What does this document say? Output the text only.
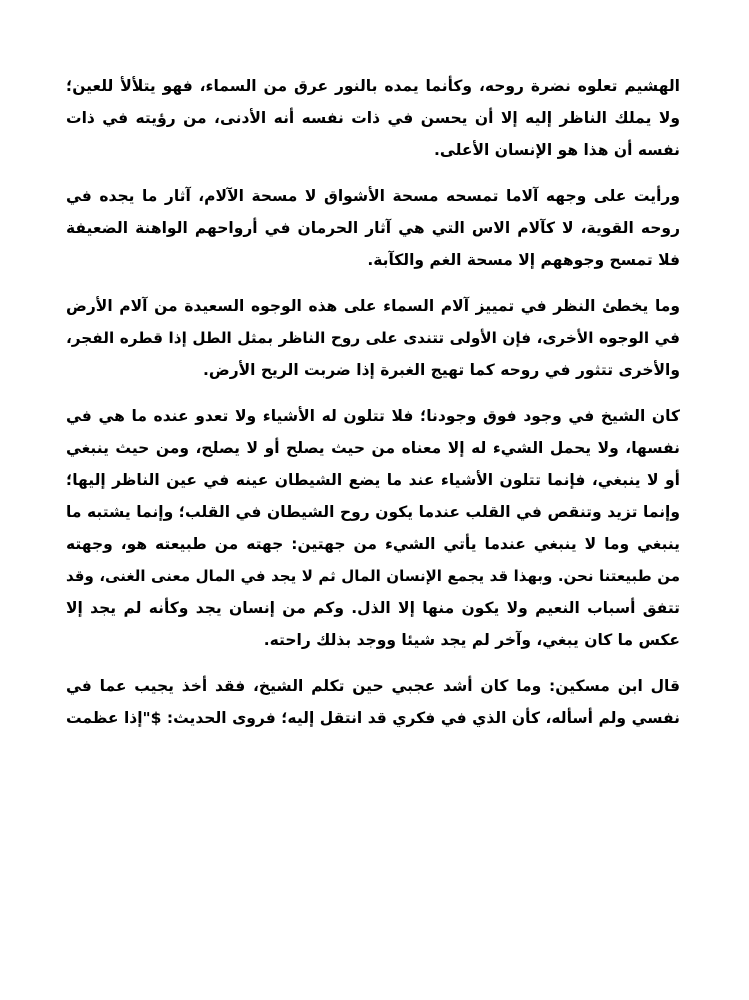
الهشيم تعلوه نضرة روحه، وكأنما يمده بالنور عرق من السماء، فهو يتلألأ للعين؛
ولا يملك الناظر إليه إلا أن يحسن في ذات نفسه أنه الأدنى، من رؤيته في ذات
نفسه أن هذا هو الإنسان الأعلى.

ورأيت على وجهه آلاما تمسحه مسحة الأشواق لا مسحة الآلام، آثار ما يجده في
روحه القوية، لا كآلام الاس التي هي آثار الحرمان في أرواحهم الواهنة الضعيفة
فلا تمسح وجوههم إلا مسحة الغم والكآبة.

وما يخطئ النظر في تمييز آلام السماء على هذه الوجوه السعيدة من آلام الأرض
في الوجوه الأخرى، فإن الأولى تتندى على روح الناظر بمثل الطل إذا قطره الفجر،
والأخرى تتثور في روحه كما تهيج الغبرة إذا ضربت الريح الأرض.

كان الشيخ في وجود فوق وجودنا؛ فلا تتلون له الأشياء ولا تعدو عنده ما هي في
نفسها، ولا يحمل الشيء له إلا معناه من حيث يصلح أو لا يصلح، ومن حيث ينبغي
أو لا ينبغي، فإنما تتلون الأشياء عند ما يضع الشيطان عينه في عين الناظر إليها؛
وإنما تزيد وتنقص في القلب عندما يكون روح الشيطان في القلب؛ وإنما يشتبه ما
ينبغي وما لا ينبغي عندما يأتي الشيء من جهتين: جهته من طبيعته هو، وجهته
من طبيعتنا نحن. وبهذا قد يجمع الإنسان المال ثم لا يجد في المال معنى الغنى، وقد
تتفق أسباب النعيم ولا يكون منها إلا الذل. وكم من إنسان يجد وكأنه لم يجد إلا
عكس ما كان يبغي، وآخر لم يجد شيئا ووجد بذلك راحته.

قال ابن مسكين: وما كان أشد عجبي حين تكلم الشيخ، فقد أخذ يجيب عما في
نفسي ولم أسأله، كأن الذي في فكري قد انتقل إليه؛ فروى الحديث: $"إذا عظمت
